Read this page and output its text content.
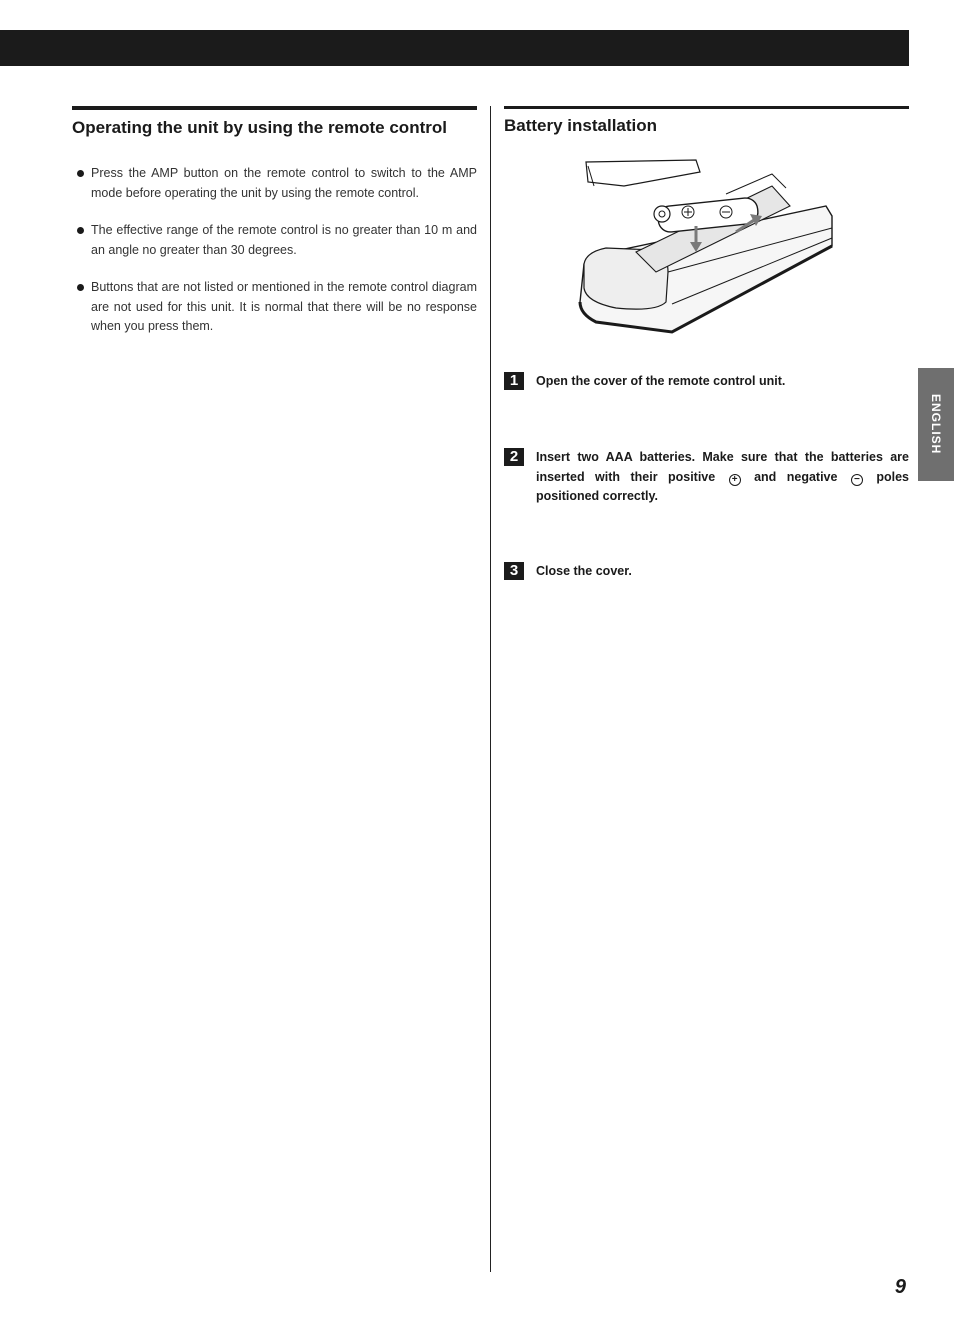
ENGLISH
Operating the unit by using the remote control
Press the AMP button on the remote control to switch to the AMP mode before operating the unit by using the remote control.
The effective range of the remote control is no greater than 10 m and an angle no greater than 30 degrees.
Buttons that are not listed or mentioned in the remote control diagram are not used for this unit. It is normal that there will be no response when you press them.
Battery installation
1	Open the cover of the remote control unit.
2	Insert two AAA batteries. Make sure that the batteries are inserted with their positive + and negative − poles positioned correctly.
3	Close the cover.
9
